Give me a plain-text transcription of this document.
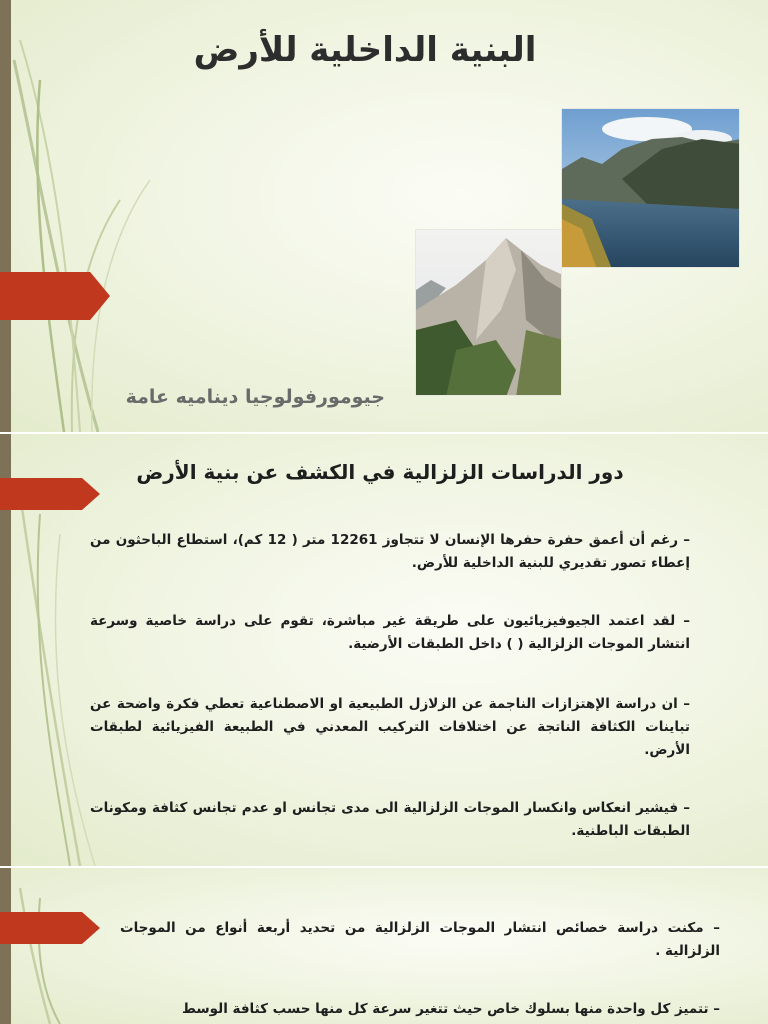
البنية الداخلية للأرض
جيومورفولوجيا ديناميه عامة
دور الدراسات الزلزالية في الكشف عن بنية الأرض
– رغم أن أعمق حفرة حفرها الإنسان لا تتجاوز 12261 متر ( 12 كم)، استطاع الباحثون من إعطاء تصور تقديري للبنية الداخلية للأرض.
– لقد اعتمد الجيوفيزيائيون على طريقة غير مباشرة، تقوم على دراسة خاصية وسرعة انتشار الموجات الزلزالية ( ) داخل الطبقات الأرضية.
– ان دراسة الإهتزازات الناجمة عن الزلازل الطبيعية او الاصطناعية تعطي فكرة واضحة عن تباينات الكثافة الناتجة عن اختلافات التركيب المعدني في الطبيعة الفيزيائية لطبقات الأرض.
– فيشير انعكاس وانكسار الموجات الزلزالية الى مدى تجانس او عدم تجانس كثافة ومكونات الطبقات الباطنية.
– مكنت دراسة خصائص انتشار الموجات الزلزالية من تحديد أربعة أنواع من الموجات الزلزالية .
– تتميز كل واحدة منها بسلوك خاص حيث تتغير سرعة كل منها حسب كثافة الوسط
